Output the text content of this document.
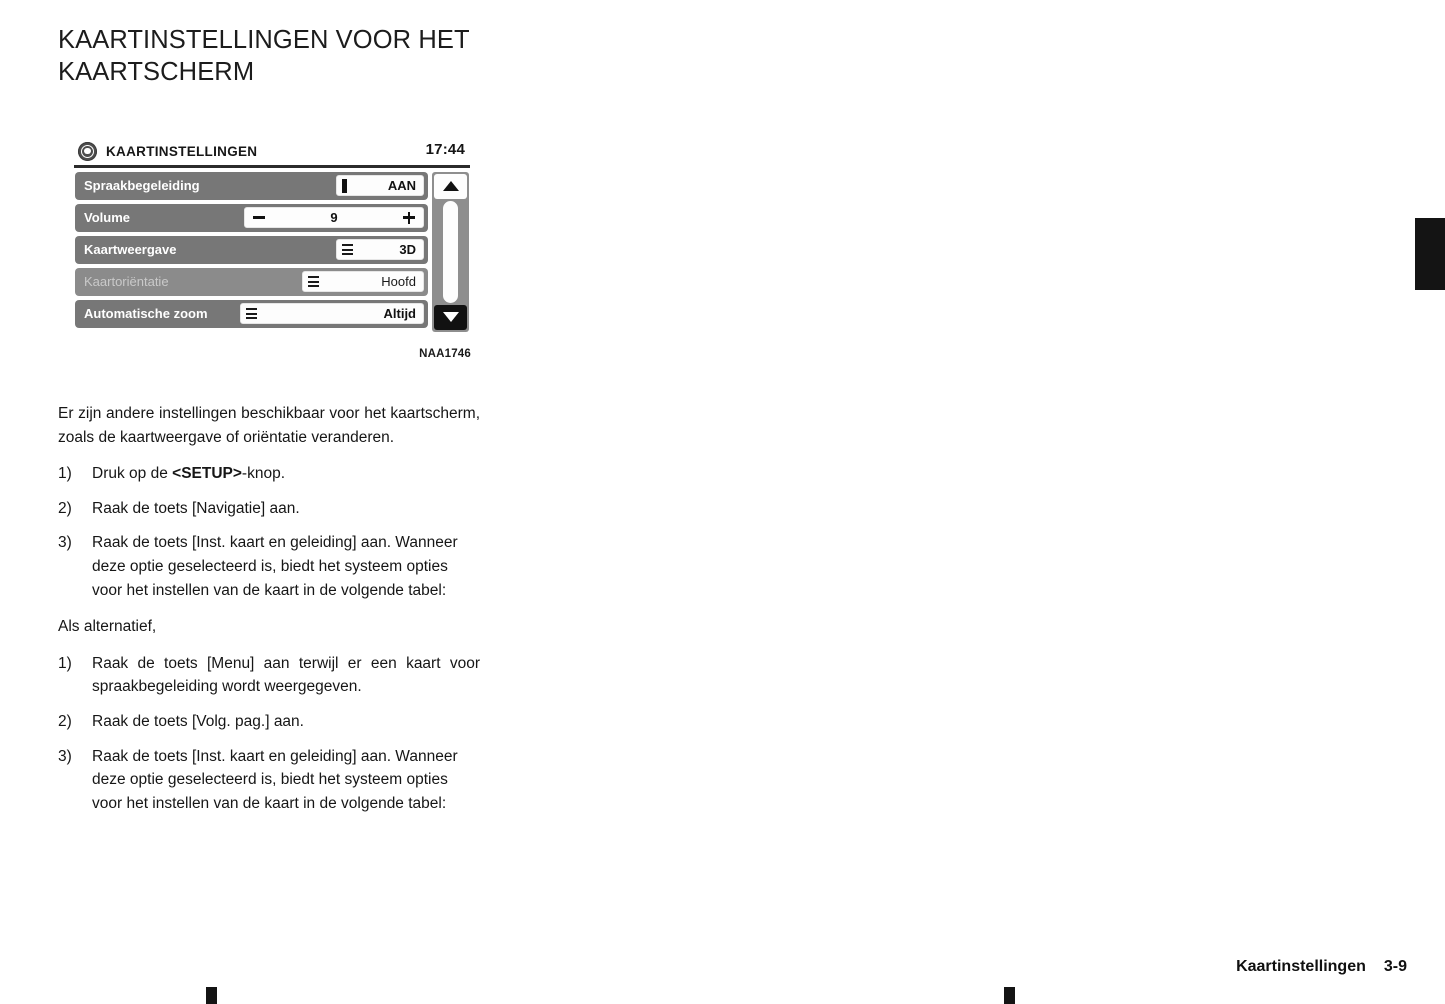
KAARTINSTELLINGEN VOOR HET
KAARTSCHERM
KAARTINSTELLINGEN	17:44
Spraakbegeleiding	AAN
Volume	9
Kaartweergave	3D
Kaartoriëntatie	Hoofd
Automatische zoom	Altijd
NAA1746

Er zijn andere instellingen beschikbaar voor het kaartscherm, zoals de kaartweergave of oriëntatie veranderen.

1)	Druk op de <SETUP>-knop.
2)	Raak de toets [Navigatie] aan.
3)	Raak de toets [Inst. kaart en geleiding] aan. Wanneer deze optie geselecteerd is, biedt het systeem opties voor het instellen van de kaart in de volgende tabel:

Als alternatief,

1)	Raak de toets [Menu] aan terwijl er een kaart voor spraakbegeleiding wordt weergegeven.
2)	Raak de toets [Volg. pag.] aan.
3)	Raak de toets [Inst. kaart en geleiding] aan. Wanneer deze optie geselecteerd is, biedt het systeem opties voor het instellen van de kaart in de volgende tabel:
Kaartinstellingen 3-9
